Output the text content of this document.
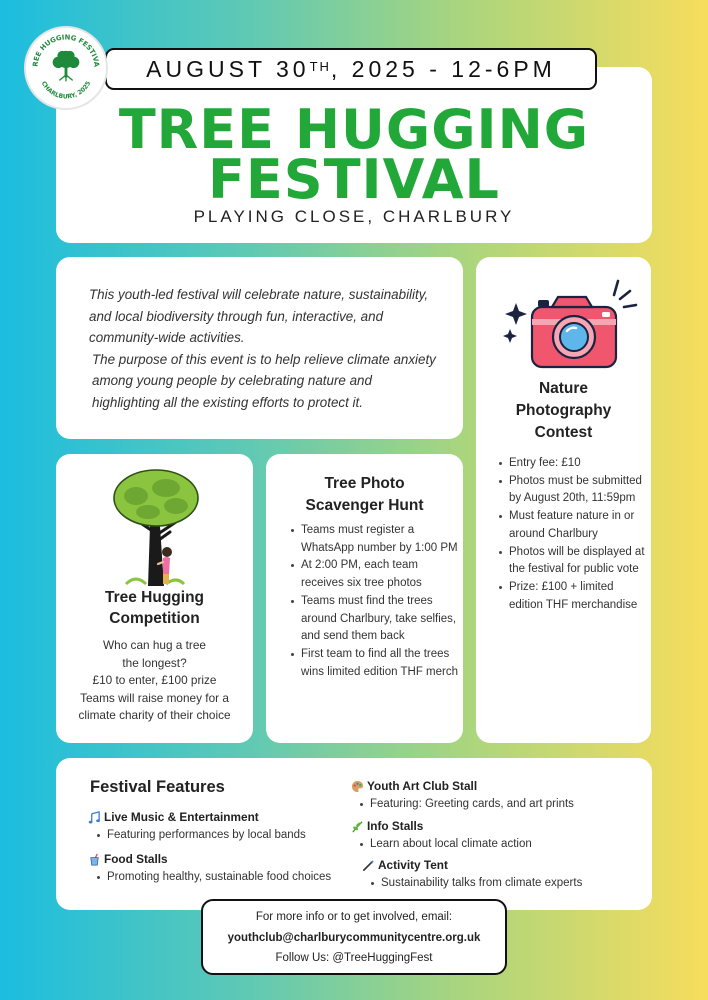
REE HUGGING FESTIVA
CHARLBURY, 2025
AUGUST 30TH , 2025 - 12-6PM
TREE HUGGING
FESTIVAL
PLAYING CLOSE, CHARLBURY
This youth-led festival will celebrate nature, sustainability, and local biodiversity through fun, interactive, and community-wide activities.
The purpose of this event is to help relieve climate anxiety among young people by celebrating nature and highlighting all the existing efforts to protect it.
Nature
Photography
Contest
Entry fee: £10
Photos must be submitted by August 20th, 11:59pm
Must feature nature in or around Charlbury
Photos will be displayed at the festival for public vote
Prize: £100 + limited edition THF merchandise
Tree Hugging
Competition
Who can hug a tree
the longest?
£10 to enter, £100 prize
Teams will raise money for a
climate charity of their choice
Tree Photo
Scavenger Hunt
Teams must register a WhatsApp number by 1:00 PM
At 2:00 PM, each team receives six tree photos
Teams must find the trees around Charlbury, take selfies, and send them back
First team to find all the trees wins limited edition THF merch
Festival Features
Live Music & Entertainment
Featuring performances by local bands
Food Stalls
Promoting healthy, sustainable food choices
Youth Art Club Stall
Featuring: Greeting cards, and art prints
Info Stalls
Learn about local climate action
Activity Tent
Sustainability talks from climate experts
For more info or to get involved, email:
youthclub@charlburycommunitycentre.org.uk
Follow Us: @TreeHuggingFest
